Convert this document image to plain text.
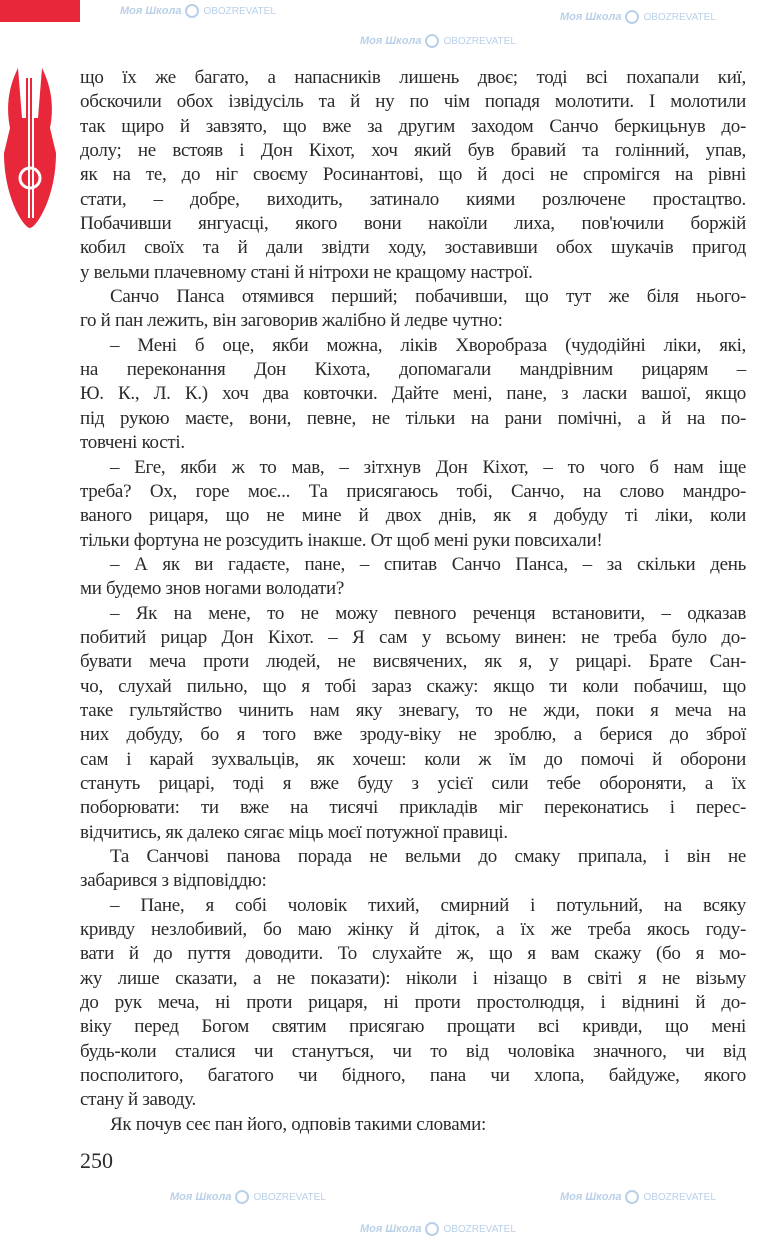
Моя Школа OBOZREVATEL
Моя Школа OBOZREVATEL
Моя Школа OBOZREVATEL
Моя Школа OBOZREVATEL
Моя Школа OBOZREVATEL
Моя Школа OBOZREVATEL
що їх же багато, а напасників лишень двоє; тоді всі похапали киї,
обскочили обох ізвідусіль та й ну по чім попадя молотити. І молотили
так щиро й завзято, що вже за другим заходом Санчо беркицьнув до-
долу; не встояв і Дон Кіхот, хоч який був бравий та голінний, упав,
як на те, до ніг своєму Росинантові, що й досі не спромігся на рівні
стати, – добре, виходить, затинало киями розлючене простацтво.
Побачивши янгуасці, якого вони накоїли лиха, пов'ючили боржій
кобил своїх та й дали звідти ходу, зоставивши обох шукачів пригод
у вельми плачевному стані й нітрохи не кращому настрої.
Санчо Панса отямився перший; побачивши, що тут же біля нього-
го й пан лежить, він заговорив жалібно й ледве чутно:
– Мені б оце, якби можна, ліків Хворобраза (чудодійні ліки, які,
на переконання Дон Кіхота, допомагали мандрівним рицарям –
Ю. К., Л. К.) хоч два ковточки. Дайте мені, пане, з ласки вашої, якщо
під рукою маєте, вони, певне, не тільки на рани помічні, а й на по-
товчені кості.
– Еге, якби ж то мав, – зітхнув Дон Кіхот, – то чого б нам іще
треба? Ох, горе моє... Та присягаюсь тобі, Санчо, на слово мандро-
ваного рицаря, що не мине й двох днів, як я добуду ті ліки, коли
тільки фортуна не розсудить інакше. От щоб мені руки повсихали!
– А як ви гадаєте, пане, – спитав Санчо Панса, – за скільки день
ми будемо знов ногами володати?
– Як на мене, то не можу певного реченця встановити, – одказав
побитий рицар Дон Кіхот. – Я сам у всьому винен: не треба було до-
бувати меча проти людей, не висвячених, як я, у рицарі. Брате Сан-
чо, слухай пильно, що я тобі зараз скажу: якщо ти коли побачиш, що
таке гультяйство чинить нам яку зневагу, то не жди, поки я меча на
них добуду, бо я того вже зроду-віку не зроблю, а берися до зброї
сам і карай зухвальців, як хочеш: коли ж їм до помочі й оборони
стануть рицарі, тоді я вже буду з усієї сили тебе обороняти, а їх
поборювати: ти вже на тисячі прикладів міг переконатись і перес-
відчитись, як далеко сягає міць моєї потужної правиці.
Та Санчові панова порада не вельми до смаку припала, і він не
забарився з відповіддю:
– Пане, я собі чоловік тихий, смирний і потульний, на всяку
кривду незлобивий, бо маю жінку й діток, а їх же треба якось году-
вати й до пуття доводити. То слухайте ж, що я вам скажу (бо я мо-
жу лише сказати, а не показати): ніколи і нізащо в світі я не візьму
до рук меча, ні проти рицаря, ні проти простолюдця, і віднині й до-
віку перед Богом святим присягаю прощати всі кривди, що мені
будь-коли сталися чи станутъся, чи то від чоловіка значного, чи від
посполитого, багатого чи бідного, пана чи хлопа, байдуже, якого
стану й заводу.
Як почув сеє пан його, одповів такими словами:
250
